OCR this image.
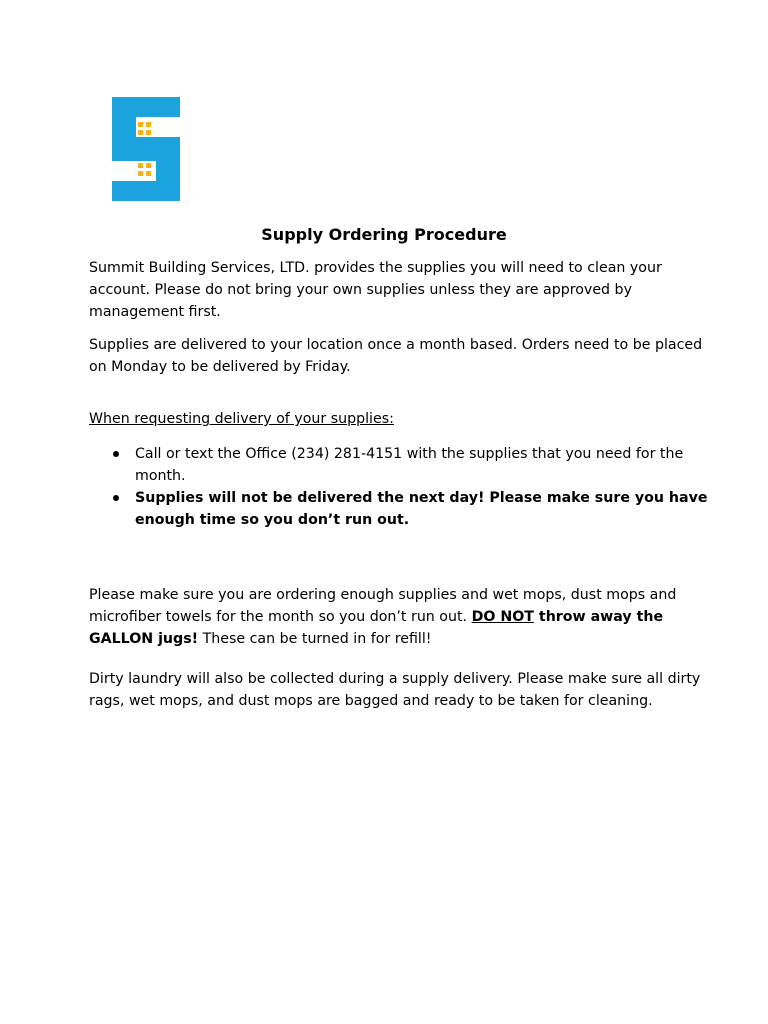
Supply Ordering Procedure
Summit Building Services, LTD. provides the supplies you will need to clean your
account. Please do not bring your own supplies unless they are approved by
management first.
Supplies are delivered to your location once a month based. Orders need to be placed
on Monday to be delivered by Friday.
When requesting delivery of your supplies:
Call or text the Office (234) 281-4151 with the supplies that you need for the
month.
Supplies will not be delivered the next day! Please make sure you have
enough time so you don’t run out.
Please make sure you are ordering enough supplies and wet mops, dust mops and
microfiber towels for the month so you don’t run out. DO NOT throw away the
GALLON jugs! These can be turned in for refill!
Dirty laundry will also be collected during a supply delivery. Please make sure all dirty
rags, wet mops, and dust mops are bagged and ready to be taken for cleaning.
